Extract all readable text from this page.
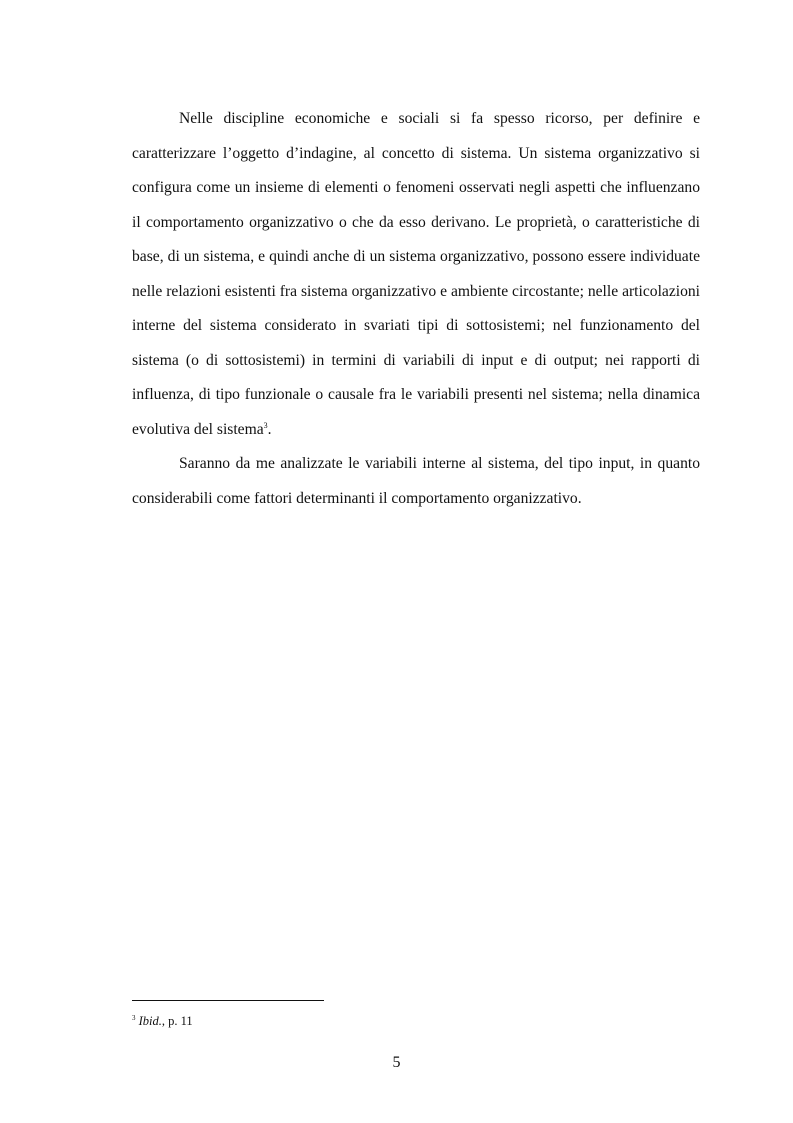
Nelle discipline economiche e sociali si fa spesso ricorso, per definire e caratterizzare l’oggetto d’indagine, al concetto di sistema. Un sistema organizzativo si configura come un insieme di elementi o fenomeni osservati negli aspetti che influenzano il comportamento organizzativo o che da esso derivano. Le proprietà, o caratteristiche di base, di un sistema, e quindi anche di un sistema organizzativo, possono essere individuate nelle relazioni esistenti fra sistema organizzativo e ambiente circostante; nelle articolazioni interne del sistema considerato in svariati tipi di sottosistemi; nel funzionamento del sistema (o di sottosistemi) in termini di variabili di input e di output; nei rapporti di influenza, di tipo funzionale o causale fra le variabili presenti nel sistema; nella dinamica evolutiva del sistema$^3$.

Saranno da me analizzate le variabili interne al sistema, del tipo input, in quanto considerabili come fattori determinanti il comportamento organizzativo.

$^3$ Ibid., p. 11
5
